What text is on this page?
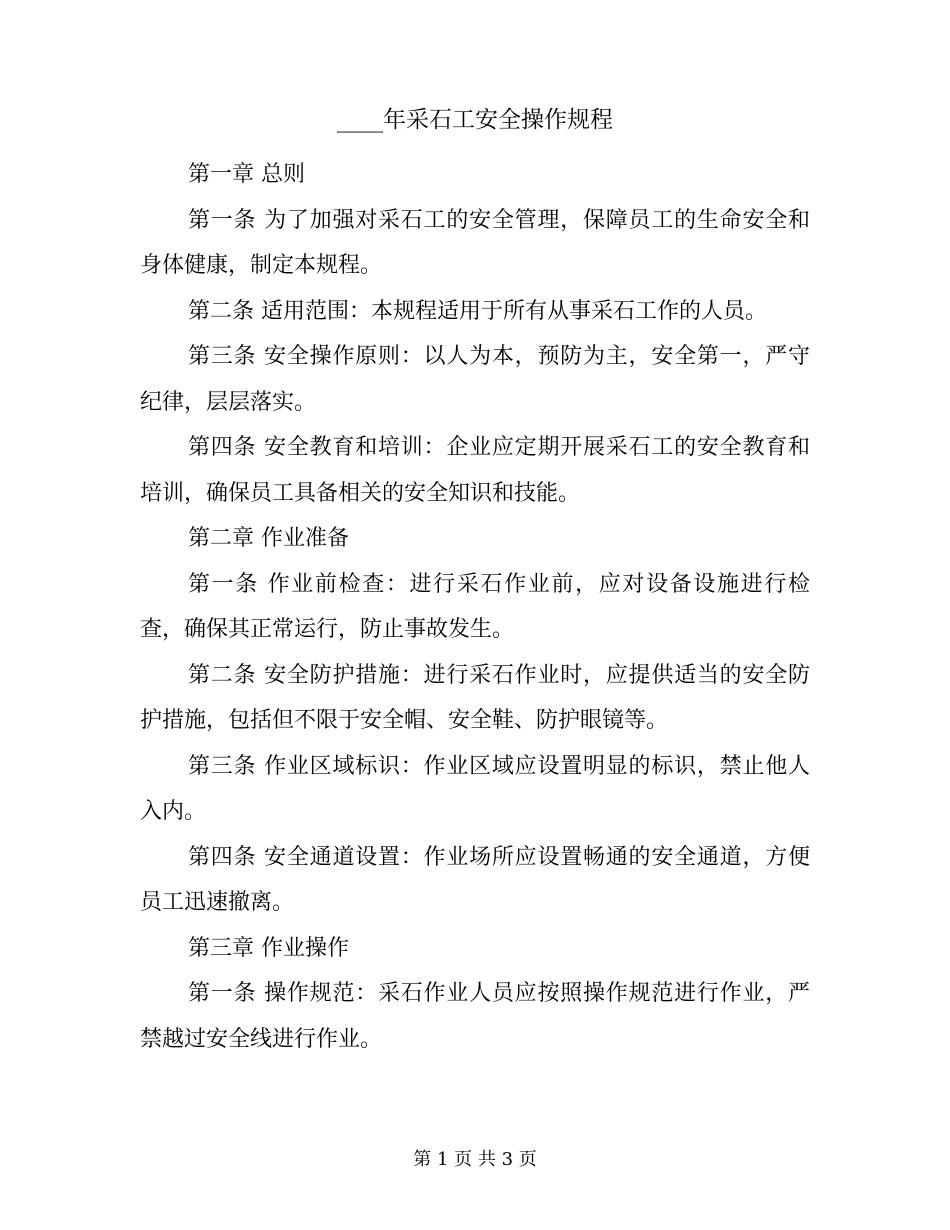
____年采石工安全操作规程

第一章 总则

第一条 为了加强对采石工的安全管理，保障员工的生命安全和身体健康，制定本规程。

第二条 适用范围：本规程适用于所有从事采石工作的人员。

第三条 安全操作原则：以人为本，预防为主，安全第一，严守纪律，层层落实。

第四条 安全教育和培训：企业应定期开展采石工的安全教育和培训，确保员工具备相关的安全知识和技能。

第二章 作业准备

第一条 作业前检查：进行采石作业前，应对设备设施进行检查，确保其正常运行，防止事故发生。

第二条 安全防护措施：进行采石作业时，应提供适当的安全防护措施，包括但不限于安全帽、安全鞋、防护眼镜等。

第三条 作业区域标识：作业区域应设置明显的标识，禁止他人入内。

第四条 安全通道设置：作业场所应设置畅通的安全通道，方便员工迅速撤离。

第三章 作业操作

第一条 操作规范：采石作业人员应按照操作规范进行作业，严禁越过安全线进行作业。

第 1 页 共 3 页
